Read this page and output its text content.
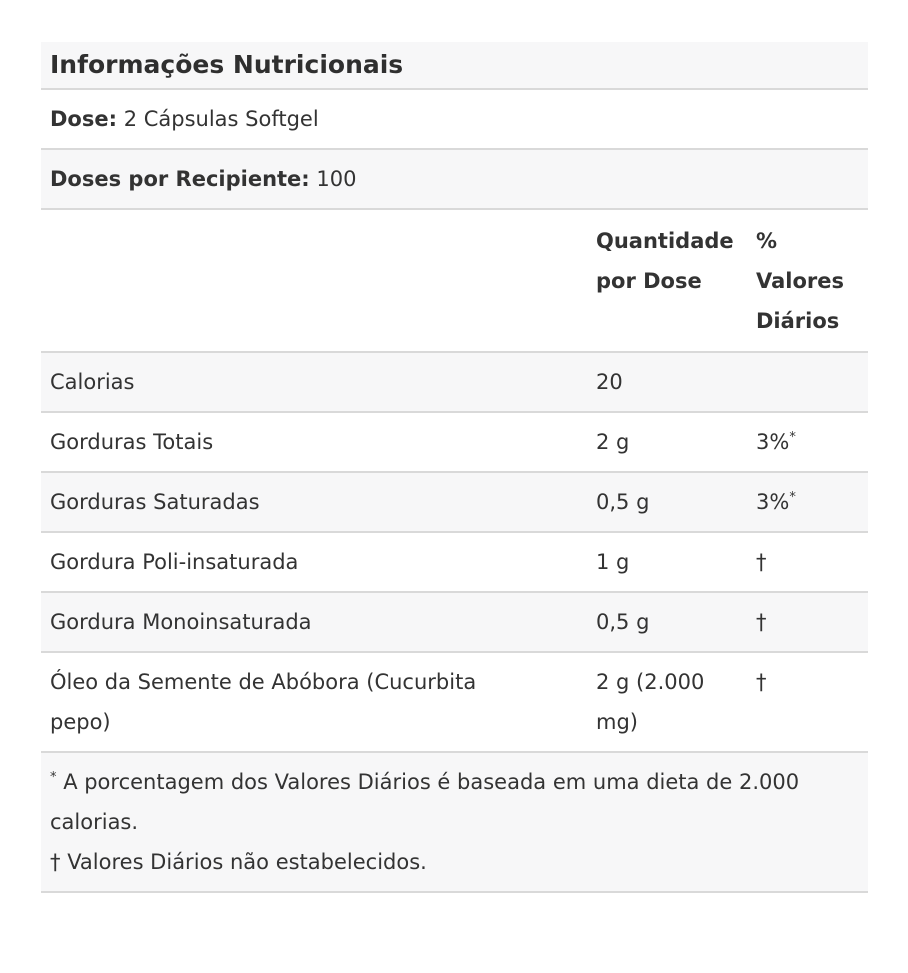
Informações Nutricionais		
Dose: 2 Cápsulas Softgel		
Doses por Recipiente: 100		
	Quantidade por Dose	% Valores Diários
Calorias	20	
Gorduras Totais	2 g	3%*
Gorduras Saturadas	0,5 g	3%*
Gordura Poli-insaturada	1 g	†
Gordura Monoinsaturada	0,5 g	†
Óleo da Semente de Abóbora (Cucurbita pepo)	2 g (2.000 mg)	†

* A porcentagem dos Valores Diários é baseada em uma dieta de 2.000 calorias.

† Valores Diários não estabelecidos.		
